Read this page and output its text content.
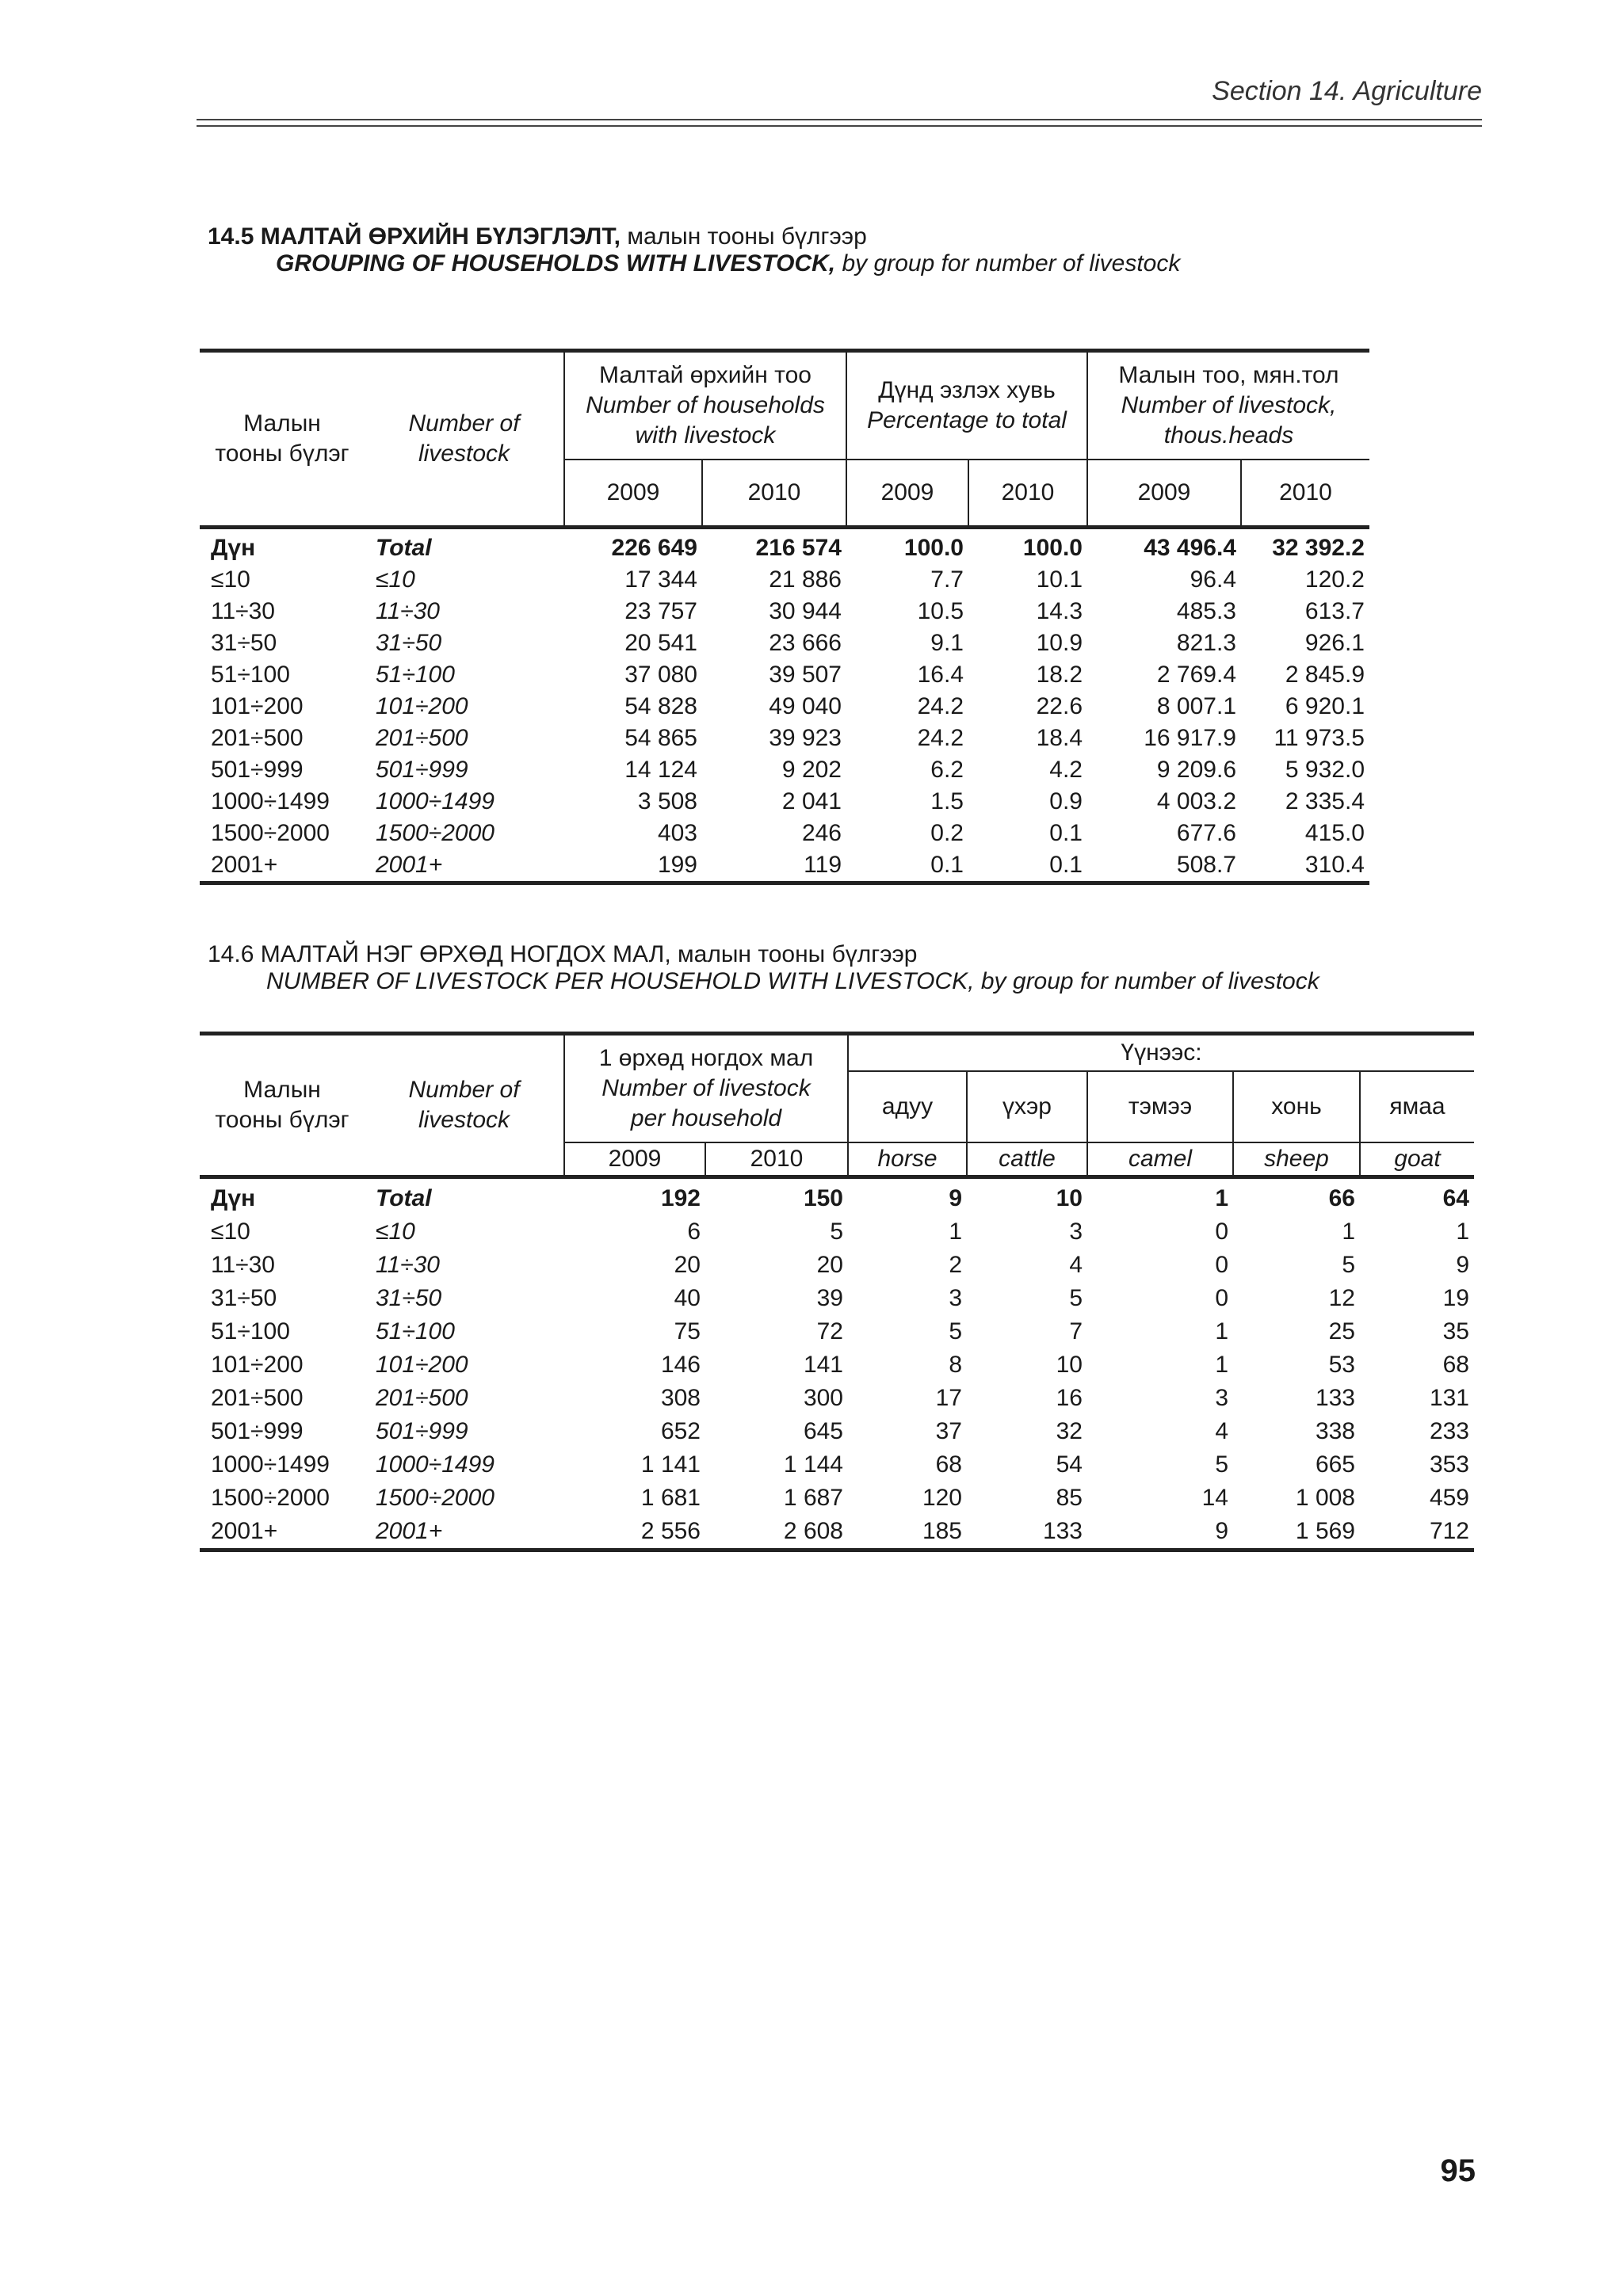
Section 14. Agriculture
14.5 МАЛТАЙ ӨРХИЙН БҮЛЭГЛЭЛТ, малын тооны бүлгээр
GROUPING OF HOUSEHOLDS WITH LIVESTOCK, by group for number of livestock
Малын
тооны бүлэг	Number of
livestock	Малтай өрхийн тоо
Number of households
with livestock		Дүнд эзлэх хувь
Percentage to total		Малын тоо, мян.тол
Number of livestock,
thous.heads	
		2009	2010	2009	2010	2009	2010
Дүн	Total	226 649	216 574	100.0	100.0	43 496.4	32 392.2
≤10	≤10	17 344	21 886	7.7	10.1	96.4	120.2
11÷30	11÷30	23 757	30 944	10.5	14.3	485.3	613.7
31÷50	31÷50	20 541	23 666	9.1	10.9	821.3	926.1
51÷100	51÷100	37 080	39 507	16.4	18.2	2 769.4	2 845.9
101÷200	101÷200	54 828	49 040	24.2	22.6	8 007.1	6 920.1
201÷500	201÷500	54 865	39 923	24.2	18.4	16 917.9	11 973.5
501÷999	501÷999	14 124	9 202	6.2	4.2	9 209.6	5 932.0
1000÷1499	1000÷1499	3 508	2 041	1.5	0.9	4 003.2	2 335.4
1500÷2000	1500÷2000	403	246	0.2	0.1	677.6	415.0
2001+	2001+	199	119	0.1	0.1	508.7	310.4
14.6 МАЛТАЙ НЭГ ӨРХӨД НОГДОХ МАЛ, малын тооны бүлгээр
NUMBER OF LIVESTOCK PER HOUSEHOLD WITH LIVESTOCK, by group for number of livestock
Малын
тооны бүлэг	Number of
livestock	1 өрхөд ногдох мал
Number of livestock
per household		Үүнээс:				
				адуу	үхэр	тэмээ	хонь	ямаа
		2009	2010	horse	cattle	camel	sheep	goat
Дүн	Total	192	150	9	10	1	66	64
≤10	≤10	6	5	1	3	0	1	1
11÷30	11÷30	20	20	2	4	0	5	9
31÷50	31÷50	40	39	3	5	0	12	19
51÷100	51÷100	75	72	5	7	1	25	35
101÷200	101÷200	146	141	8	10	1	53	68
201÷500	201÷500	308	300	17	16	3	133	131
501÷999	501÷999	652	645	37	32	4	338	233
1000÷1499	1000÷1499	1 141	1 144	68	54	5	665	353
1500÷2000	1500÷2000	1 681	1 687	120	85	14	1 008	459
2001+	2001+	2 556	2 608	185	133	9	1 569	712
95
